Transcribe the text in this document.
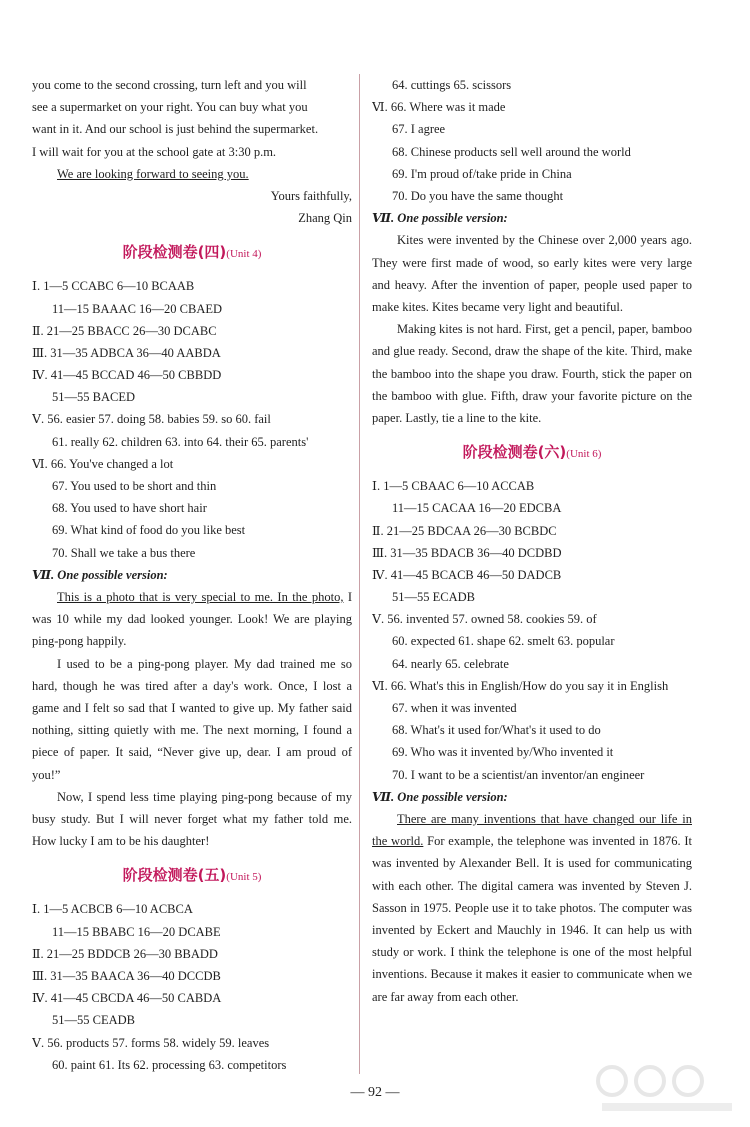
you come to the second crossing, turn left and you will
see a supermarket on your right. You can buy what you
want in it. And our school is just behind the supermarket.
I will wait for you at the school gate at 3:30 p.m.
We are looking forward to seeing you.
Yours faithfully,
Zhang Qin
阶段检测卷(四)(Unit 4)
Ⅰ. 1—5 CCABC 6—10 BCAAB
11—15 BAAAC 16—20 CBAED
Ⅱ. 21—25 BBACC 26—30 DCABC
Ⅲ. 31—35 ADBCA 36—40 AABDA
Ⅳ. 41—45 BCCAD 46—50 CBBDD
51—55 BACED
Ⅴ. 56. easier 57. doing 58. babies 59. so 60. fail
61. really 62. children 63. into 64. their 65. parents'
Ⅵ. 66. You've changed a lot
67. You used to be short and thin
68. You used to have short hair
69. What kind of food do you like best
70. Shall we take a bus there
Ⅶ. One possible version:

This is a photo that is very special to me. In the photo, I was 10 while my dad looked younger. Look! We are playing ping-pong happily.

I used to be a ping-pong player. My dad trained me so hard, though he was tired after a day's work. Once, I lost a game and I felt so sad that I wanted to give up. My father said nothing, sitting quietly with me. The next morning, I found a piece of paper. It said, “Never give up, dear. I am proud of you!”

Now, I spend less time playing ping-pong because of my busy study. But I will never forget what my father told me. How lucky I am to be his daughter!

阶段检测卷(五)(Unit 5)
Ⅰ. 1—5 ACBCB 6—10 ACBCA
11—15 BBABC 16—20 DCABE
Ⅱ. 21—25 BDDCB 26—30 BBADD
Ⅲ. 31—35 BAACA 36—40 DCCDB
Ⅳ. 41—45 CBCDA 46—50 CABDA
51—55 CEADB
Ⅴ. 56. products 57. forms 58. widely 59. leaves
60. paint 61. Its 62. processing 63. competitors
64. cuttings 65. scissors
Ⅵ. 66. Where was it made
67. I agree
68. Chinese products sell well around the world
69. I'm proud of/take pride in China
70. Do you have the same thought
Ⅶ. One possible version:

Kites were invented by the Chinese over 2,000 years ago. They were first made of wood, so early kites were very large and heavy. After the invention of paper, people used paper to make kites. Kites became very light and beautiful.

Making kites is not hard. First, get a pencil, paper, bamboo and glue ready. Second, draw the shape of the kite. Third, make the bamboo into the shape you draw. Fourth, stick the paper on the bamboo with glue. Fifth, draw your favorite picture on the paper. Lastly, tie a line to the kite.

阶段检测卷(六)(Unit 6)
Ⅰ. 1—5 CBAAC 6—10 ACCAB
11—15 CACAA 16—20 EDCBA
Ⅱ. 21—25 BDCAA 26—30 BCBDC
Ⅲ. 31—35 BDACB 36—40 DCDBD
Ⅳ. 41—45 BCACB 46—50 DADCB
51—55 ECADB
Ⅴ. 56. invented 57. owned 58. cookies 59. of
60. expected 61. shape 62. smelt 63. popular
64. nearly 65. celebrate
Ⅵ. 66. What's this in English/How do you say it in English
67. when it was invented
68. What's it used for/What's it used to do
69. Who was it invented by/Who invented it
70. I want to be a scientist/an inventor/an engineer
Ⅶ. One possible version:

There are many inventions that have changed our life in the world. For example, the telephone was invented in 1876. It was invented by Alexander Bell. It is used for communicating with each other. The digital camera was invented by Steven J. Sasson in 1975. People use it to take photos. The computer was invented by Eckert and Mauchly in 1946. It can help us with study or work. I think the telephone is one of the most helpful inventions. Because it makes it easier to communicate when we are far away from each other.

— 92 —
